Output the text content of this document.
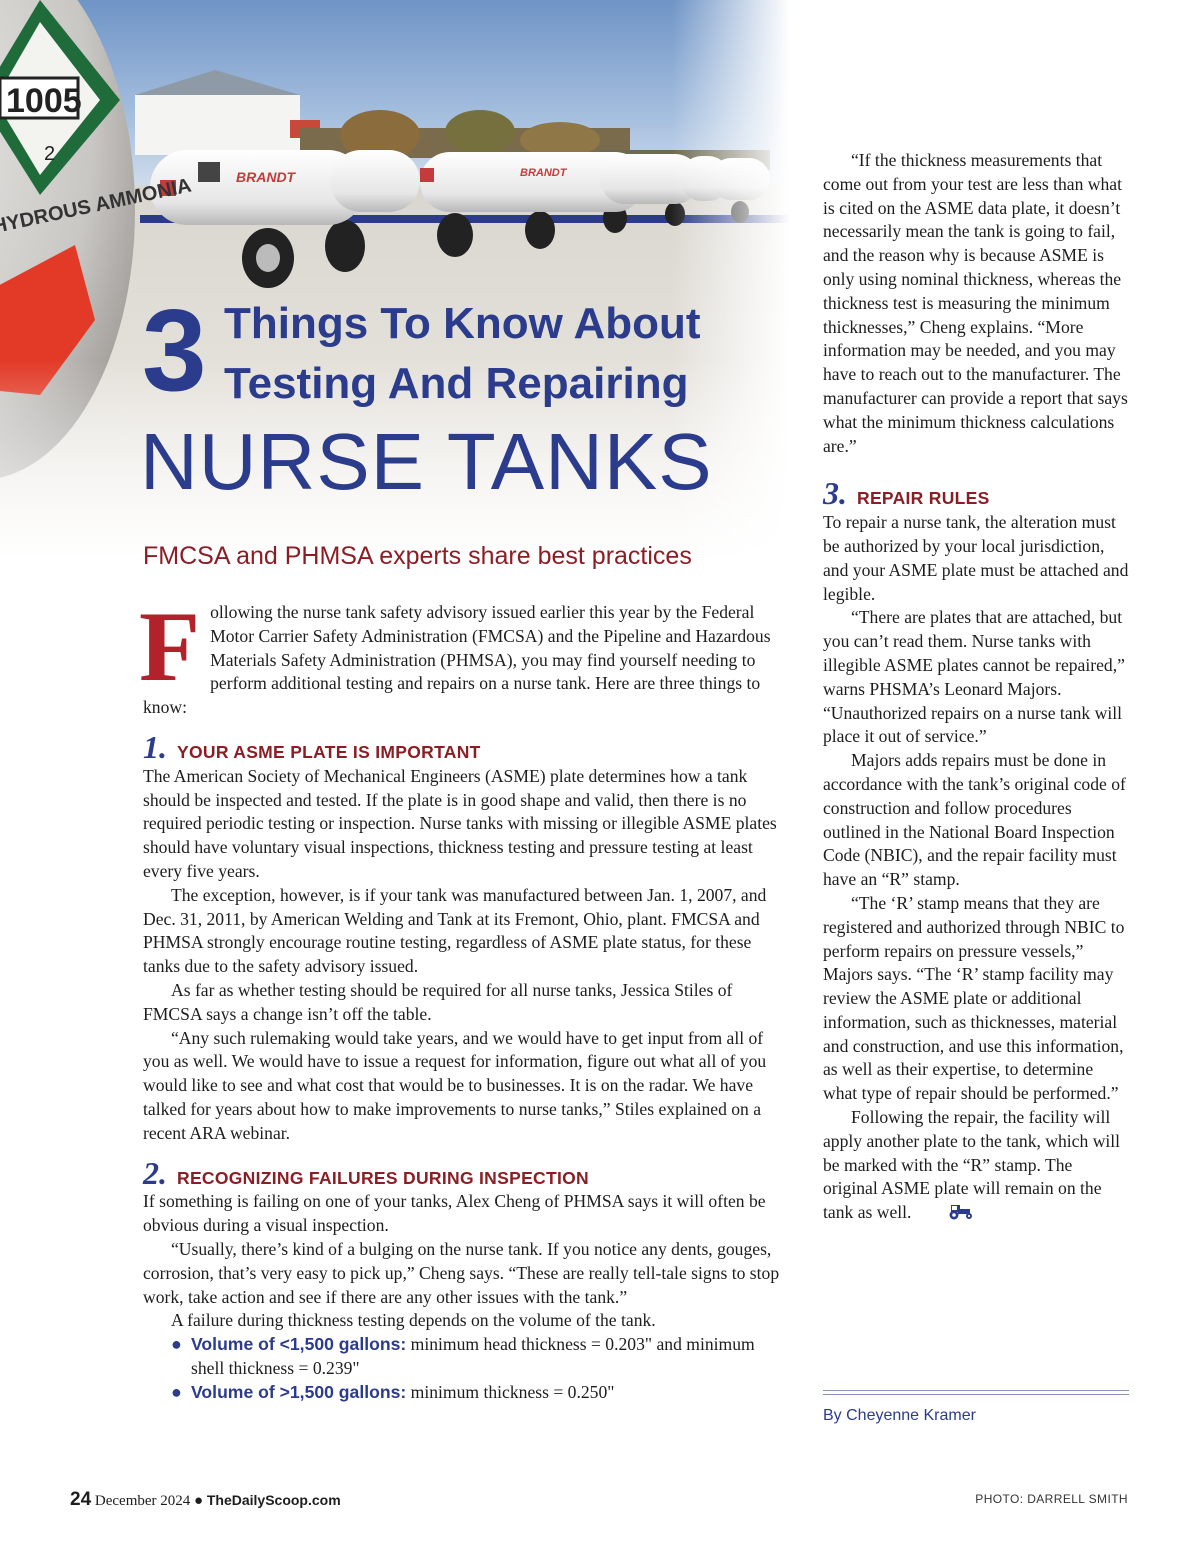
3 Things To Know About
Testing And Repairing
NURSE TANKS
FMCSA and PHMSA experts share best practices

Following the nurse tank safety advisory issued earlier this year by the Federal Motor Carrier Safety Administration (FMCSA) and the Pipeline and Hazardous Materials Safety Administration (PHMSA), you may find yourself needing to perform additional testing and repairs on a nurse tank. Here are three things to know:

1. YOUR ASME PLATE IS IMPORTANT

The American Society of Mechanical Engineers (ASME) plate determines how a tank should be inspected and tested. If the plate is in good shape and valid, then there is no required periodic testing or inspection. Nurse tanks with missing or illegible ASME plates should have voluntary visual inspections, thickness testing and pressure testing at least every five years.

The exception, however, is if your tank was manufactured between Jan. 1, 2007, and Dec. 31, 2011, by American Welding and Tank at its Fremont, Ohio, plant. FMCSA and PHMSA strongly encourage routine testing, regardless of ASME plate status, for these tanks due to the safety advisory issued.

As far as whether testing should be required for all nurse tanks, Jessica Stiles of FMCSA says a change isn’t off the table.

“Any such rulemaking would take years, and we would have to get input from all of you as well. We would have to issue a request for information, figure out what all of you would like to see and what cost that would be to businesses. It is on the radar. We have talked for years about how to make improvements to nurse tanks,” Stiles explained on a recent ARA webinar.

2. RECOGNIZING FAILURES DURING INSPECTION

If something is failing on one of your tanks, Alex Cheng of PHMSA says it will often be obvious during a visual inspection.

“Usually, there’s kind of a bulging on the nurse tank. If you notice any dents, gouges, corrosion, that’s very easy to pick up,” Cheng says. “These are really tell-tale signs to stop work, take action and see if there are any other issues with the tank.”

A failure during thickness testing depends on the volume of the tank.

● Volume of <1,500 gallons: minimum head thickness = 0.203" and minimum shell thickness = 0.239"
● Volume of >1,500 gallons: minimum thickness = 0.250"

“If the thickness measurements that come out from your test are less than what is cited on the ASME data plate, it doesn’t necessarily mean the tank is going to fail, and the reason why is because ASME is only using nominal thickness, whereas the thickness test is measuring the minimum thicknesses,” Cheng explains. “More information may be needed, and you may have to reach out to the manufacturer. The manufacturer can provide a report that says what the minimum thickness calculations are.”

3. REPAIR RULES

To repair a nurse tank, the alteration must be authorized by your local jurisdiction, and your ASME plate must be attached and legible.

“There are plates that are attached, but you can’t read them. Nurse tanks with illegible ASME plates cannot be repaired,” warns PHSMA’s Leonard Majors. “Unauthorized repairs on a nurse tank will place it out of service.”

Majors adds repairs must be done in accordance with the tank’s original code of construction and follow procedures outlined in the National Board Inspection Code (NBIC), and the repair facility must have an “R” stamp.

“The ‘R’ stamp means that they are registered and authorized through NBIC to perform repairs on pressure vessels,” Majors says. “The ‘R’ stamp facility may review the ASME plate or additional information, such as thicknesses, material and construction, and use this information, as well as their expertise, to determine what type of repair should be performed.”

Following the repair, the facility will apply another plate to the tank, which will be marked with the “R” stamp. The original ASME plate will remain on the tank as well.

By Cheyenne Kramer
24 December 2024 ● TheDailyScoop.com	PHOTO: DARRELL SMITH
